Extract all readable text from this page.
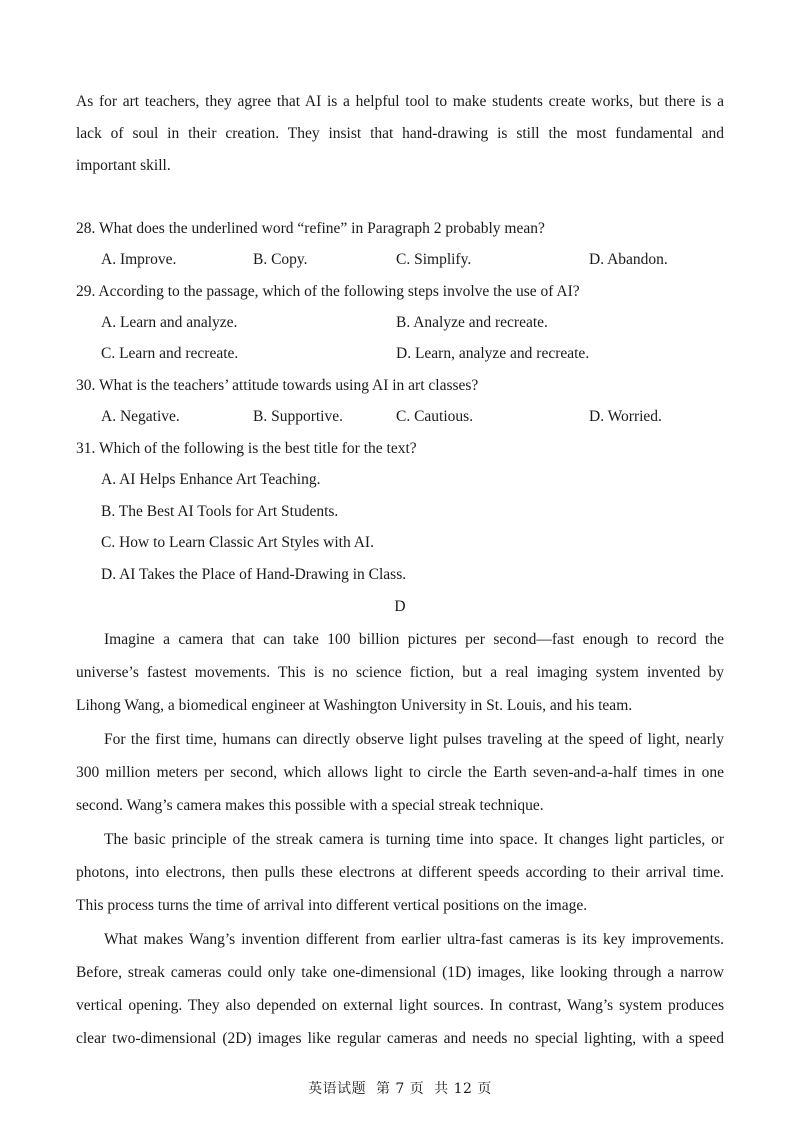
As for art teachers, they agree that AI is a helpful tool to make students create works, but there is a
lack of soul in their creation. They insist that hand-drawing is still the most fundamental and
important skill.
28. What does the underlined word “refine” in Paragraph 2 probably mean?
A. Improve.	B. Copy.	C. Simplify.	D. Abandon.
29. According to the passage, which of the following steps involve the use of AI?
A. Learn and analyze.	B. Analyze and recreate.
C. Learn and recreate.	D. Learn, analyze and recreate.
30. What is the teachers’ attitude towards using AI in art classes?
A. Negative.	B. Supportive.	C. Cautious.	D. Worried.
31. Which of the following is the best title for the text?
A. AI Helps Enhance Art Teaching.
B. The Best AI Tools for Art Students.
C. How to Learn Classic Art Styles with AI.
D. AI Takes the Place of Hand-Drawing in Class.
D
Imagine a camera that can take 100 billion pictures per second—fast enough to record the
universe’s fastest movements. This is no science fiction, but a real imaging system invented by
Lihong Wang, a biomedical engineer at Washington University in St. Louis, and his team.
For the first time, humans can directly observe light pulses traveling at the speed of light, nearly
300 million meters per second, which allows light to circle the Earth seven-and-a-half times in one
second. Wang’s camera makes this possible with a special streak technique.
The basic principle of the streak camera is turning time into space. It changes light particles, or
photons, into electrons, then pulls these electrons at different speeds according to their arrival time.
This process turns the time of arrival into different vertical positions on the image.
What makes Wang’s invention different from earlier ultra-fast cameras is its key improvements.
Before, streak cameras could only take one-dimensional (1D) images, like looking through a narrow
vertical opening. They also depended on external light sources. In contrast, Wang’s system produces
clear two-dimensional (2D) images like regular cameras and needs no special lighting, with a speed
英语试题  第 7 页  共 12 页
